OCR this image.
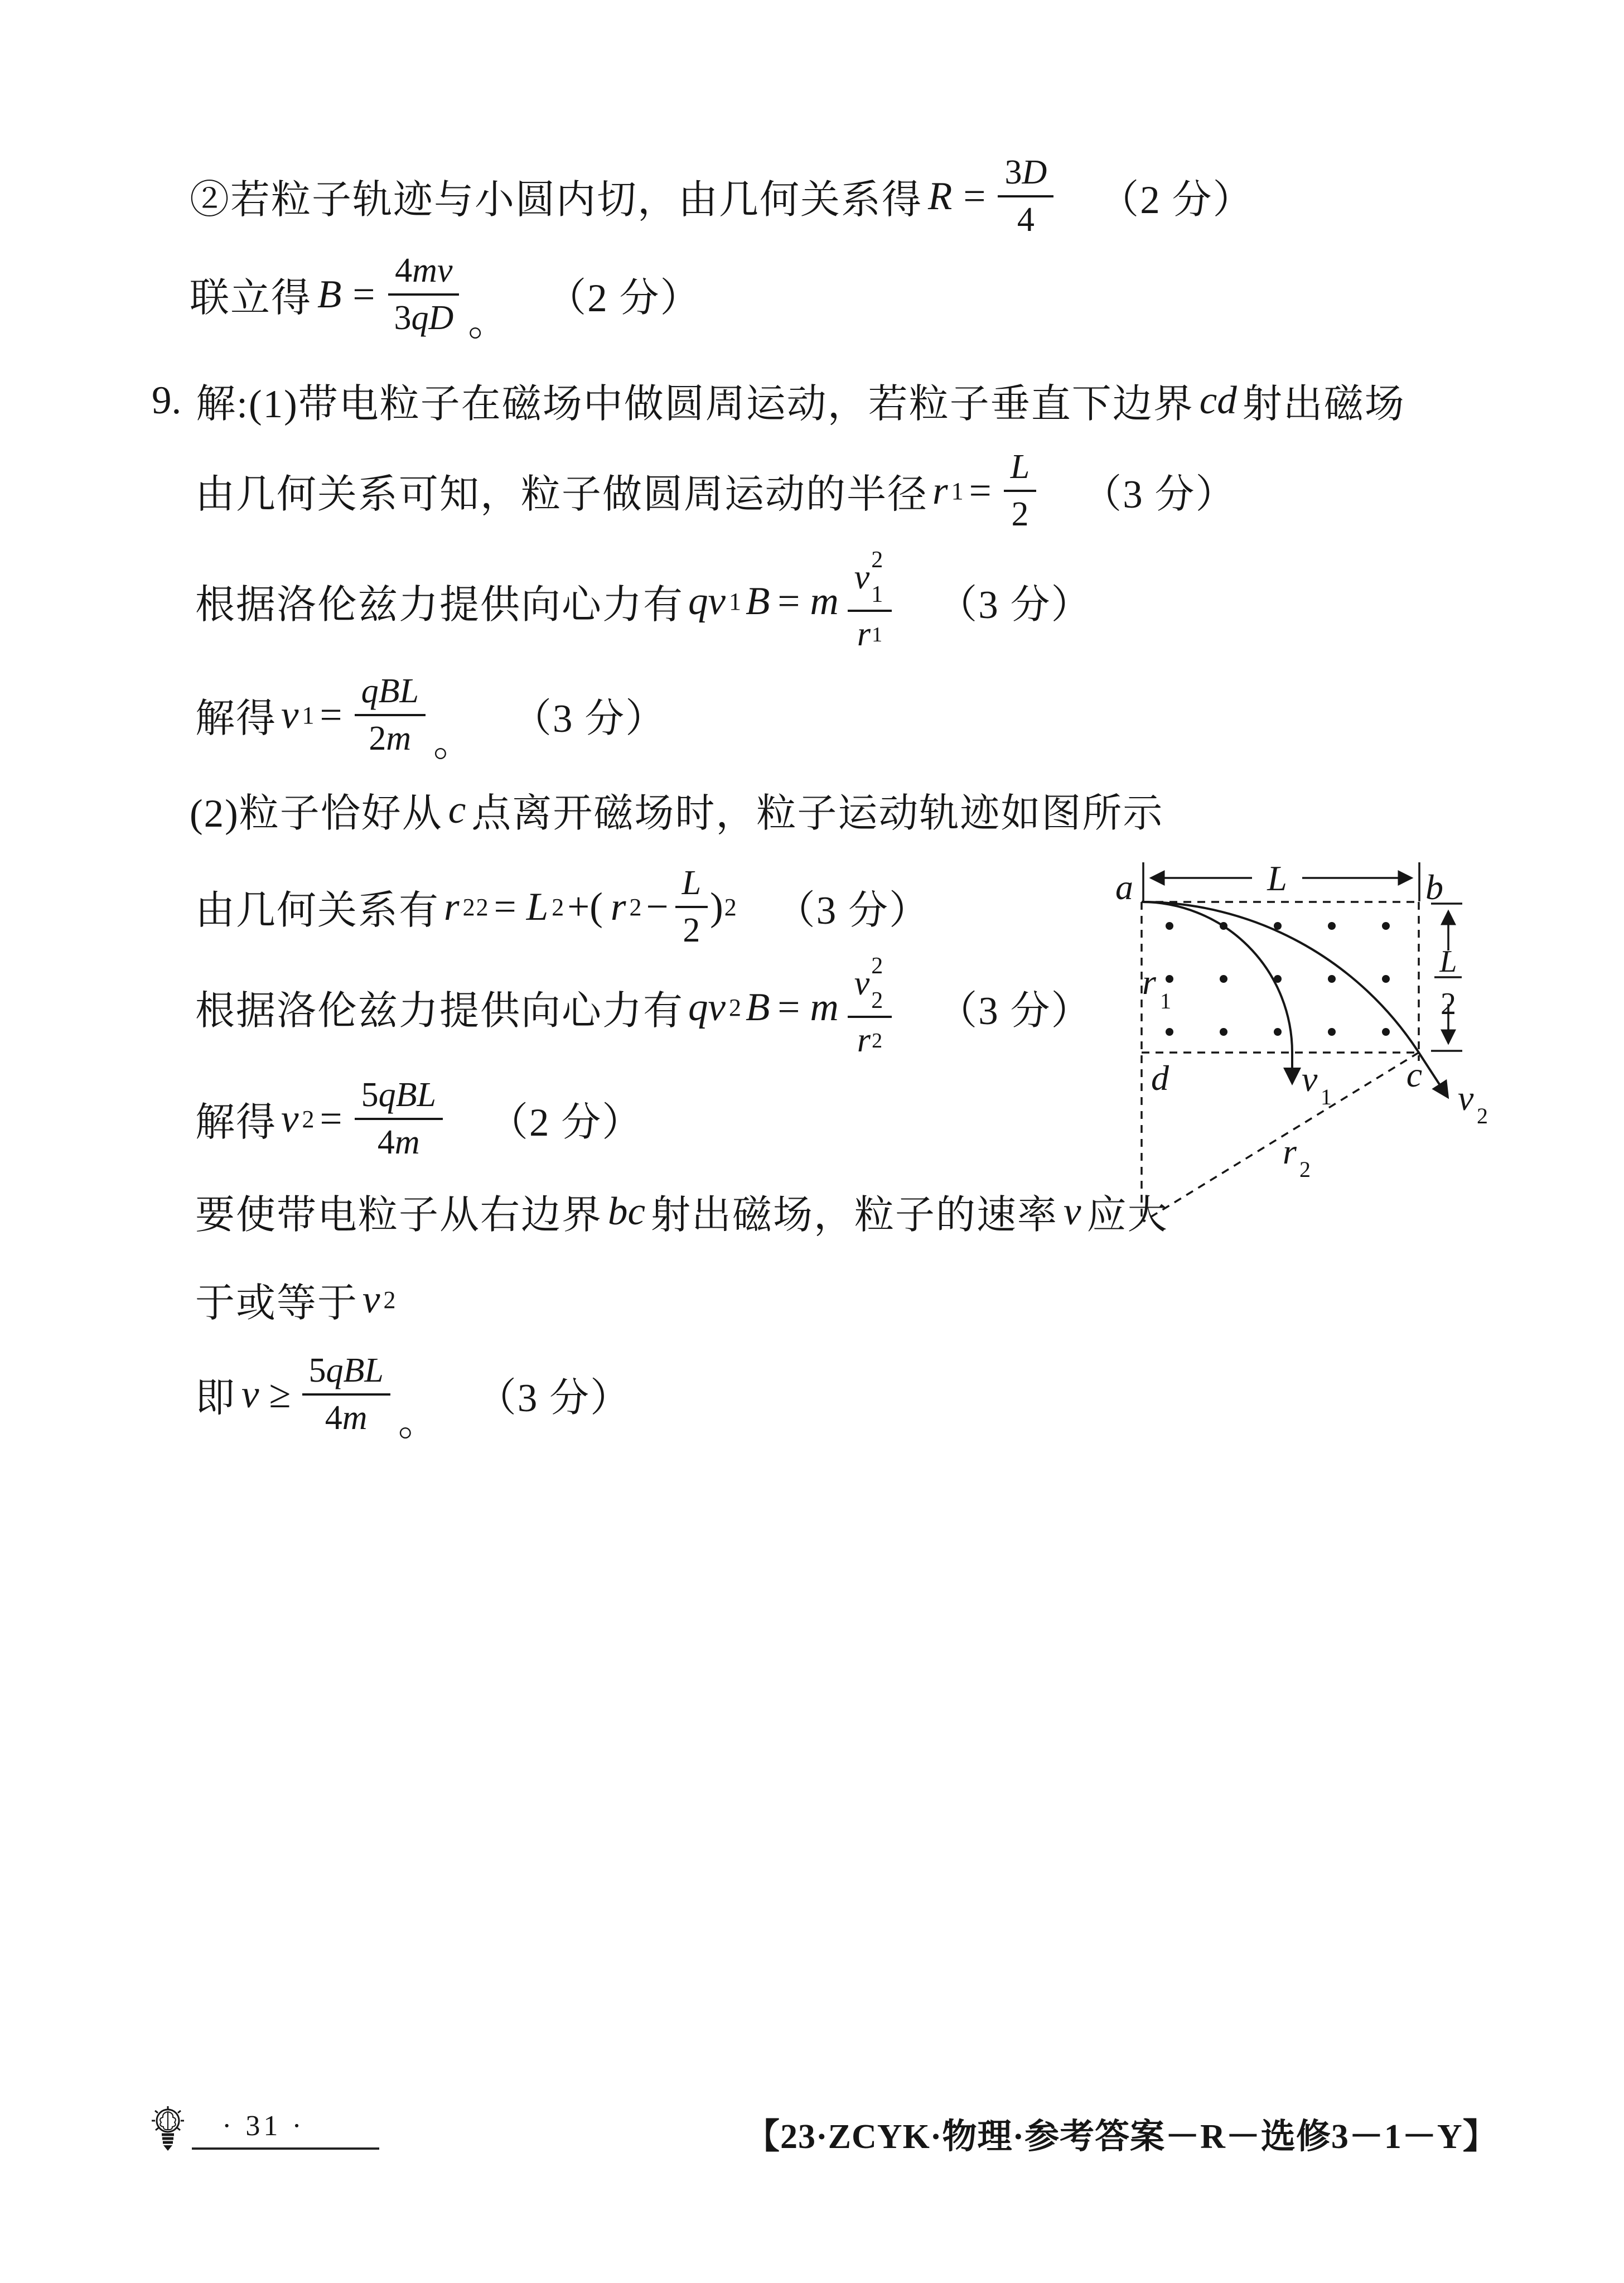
②若粒子轨迹与小圆内切，由几何关系得 $R = \frac{3 D}{4} (2$ 分）
联立得 $B = \frac{4 mv}{3 qD}$ 。
（2 分）
9. 解:(1)带电粒子在磁场中做圆周运动，若粒子垂直下边界 cd 射出磁场
由几何关系可知，粒子做圆周运动的半径 r $1 = \frac{L}{2} (3$ 分）
根据洛伦兹力提供向心力有 qv 1 B = m v 2
1
r 1 （3 分）
解得 v $1 = \frac{\text{qBL}}{2 m}$ 。
（3 分）
(2)粒子恰好从 c 点离开磁场时，粒子运动轨迹如图所示
由几何关系有 r 2 2 = L 2 +( r $2 - \frac{L}{2}$ ) 2 （3 分）
根据洛伦兹力提供向心力有 qv 2 B = m v 2
2
r 2 （3 分）
解得 v $2 = \frac{\text{5 qBL}}{4 m} (2$ 分）
要使带电粒子从右边界 bc 射出磁场，粒子的速率 v 应大
于或等于 v 2
即 $v \ge \frac{\text{5 qBL}}{4 m}$ 。
（3 分）
a	b
c
d
L
L
2
r 1
r 2
v 1	v 2
· 31 ·	【23·ZCYK·物理·参考答案－R－选修3－1－Y】
